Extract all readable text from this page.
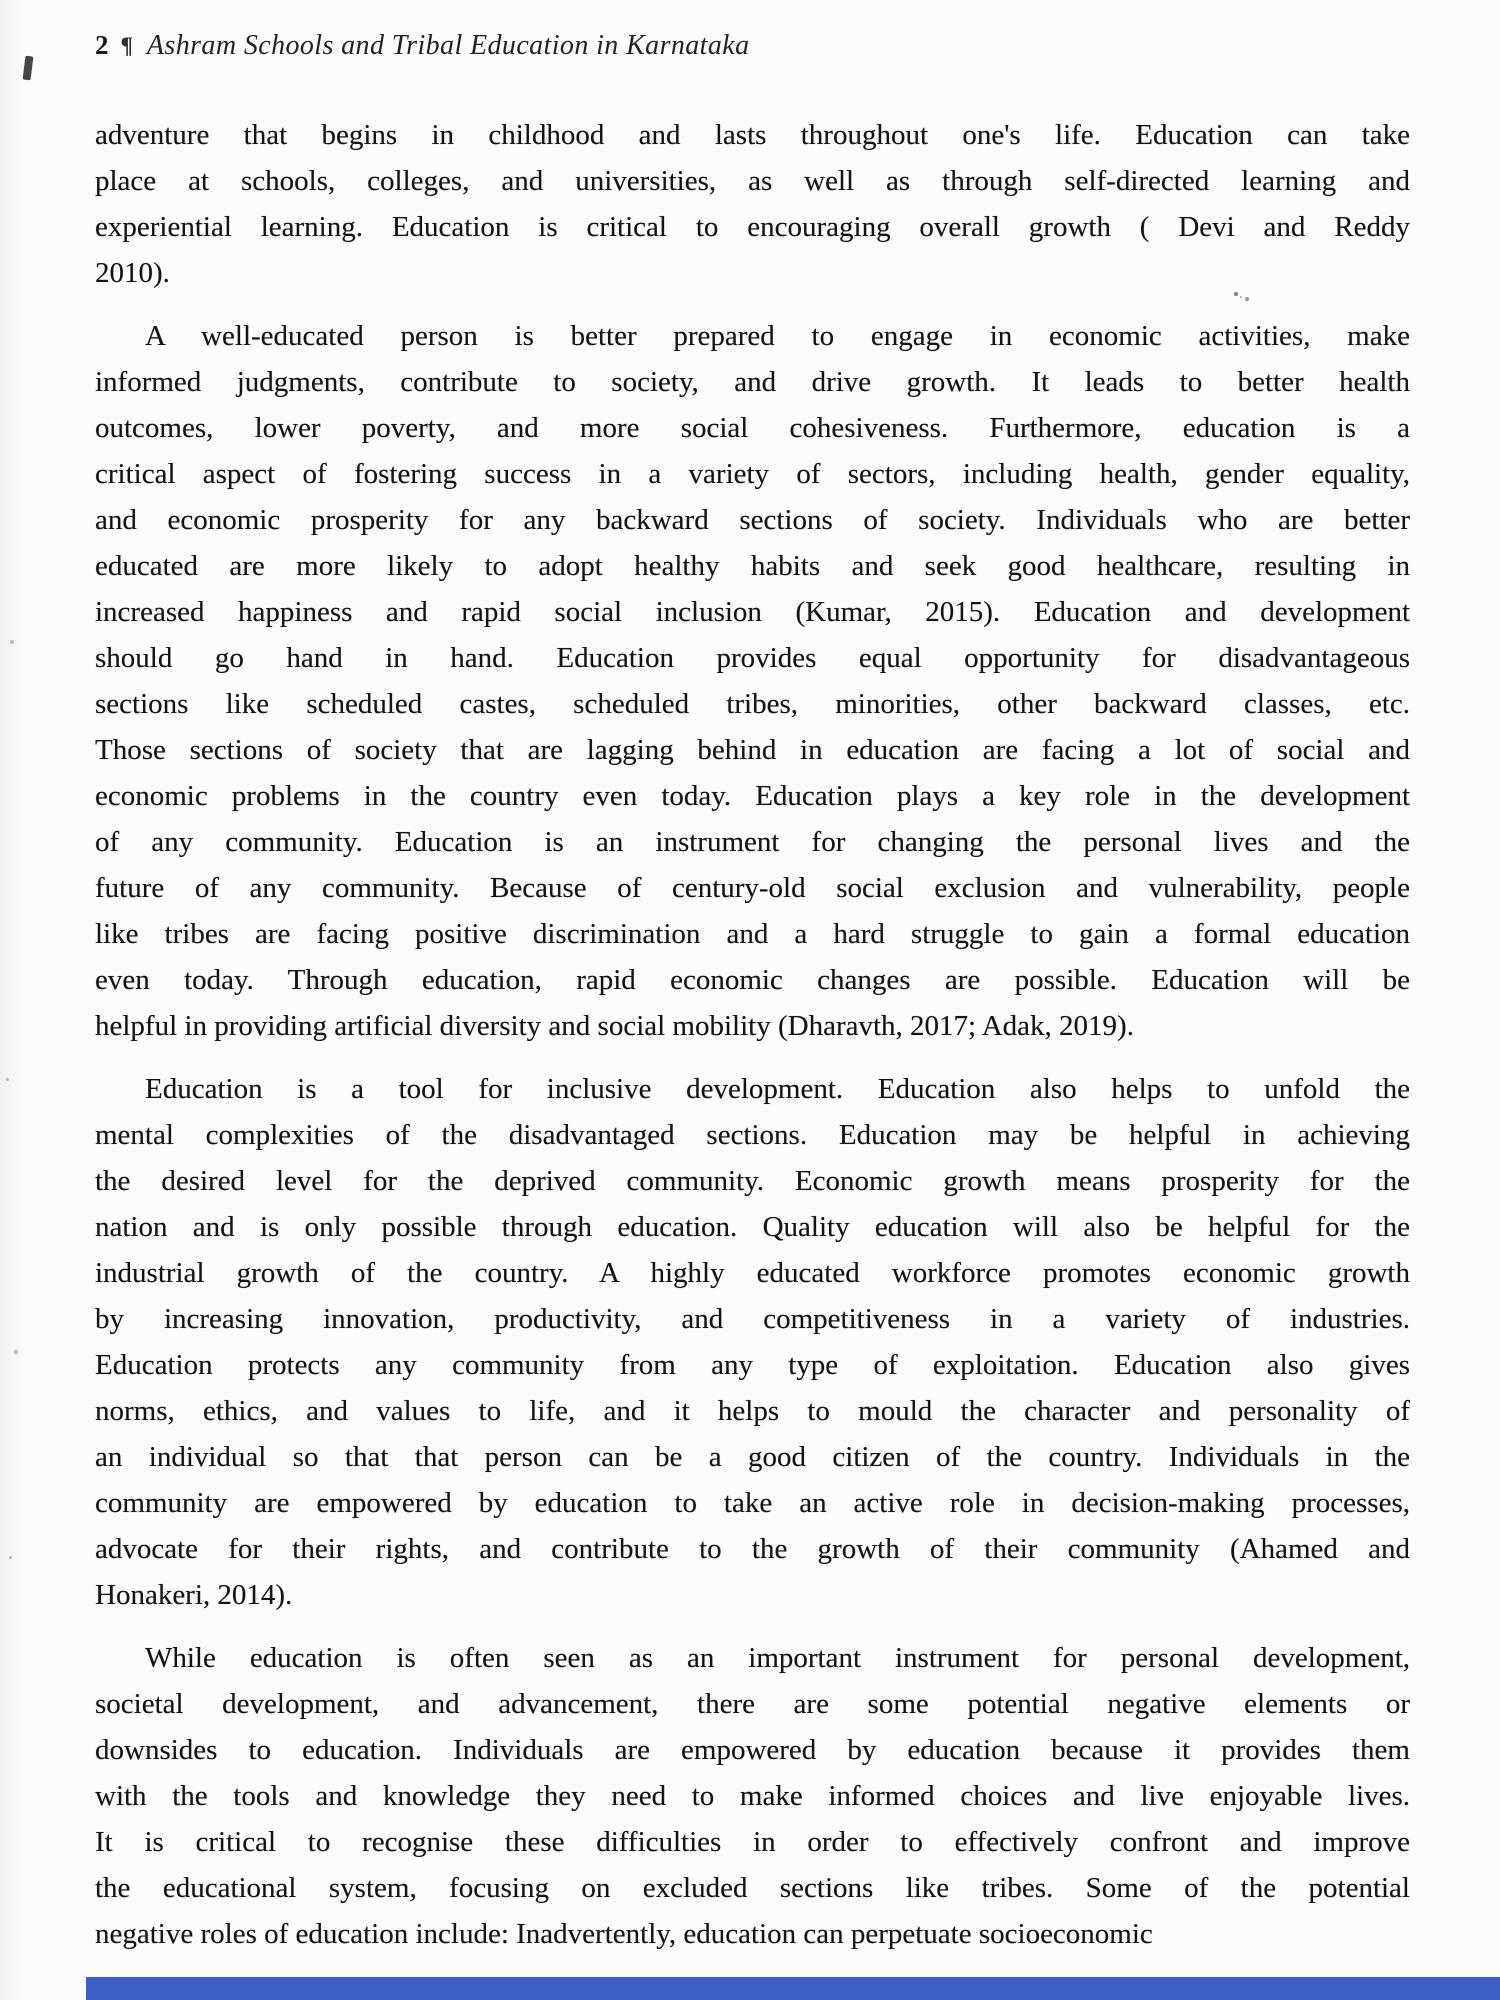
2 ¶ Ashram Schools and Tribal Education in Karnataka
adventure that begins in childhood and lasts throughout one's life. Education can take
place at schools, colleges, and universities, as well as through self-directed learning and
experiential learning. Education is critical to encouraging overall growth ( Devi and Reddy
2010).
A well-educated person is better prepared to engage in economic activities, make
informed judgments, contribute to society, and drive growth. It leads to better health
outcomes, lower poverty, and more social cohesiveness. Furthermore, education is a
critical aspect of fostering success in a variety of sectors, including health, gender equality,
and economic prosperity for any backward sections of society. Individuals who are better
educated are more likely to adopt healthy habits and seek good healthcare, resulting in
increased happiness and rapid social inclusion (Kumar, 2015). Education and development
should go hand in hand. Education provides equal opportunity for disadvantageous
sections like scheduled castes, scheduled tribes, minorities, other backward classes, etc.
Those sections of society that are lagging behind in education are facing a lot of social and
economic problems in the country even today. Education plays a key role in the development
of any community. Education is an instrument for changing the personal lives and the
future of any community. Because of century-old social exclusion and vulnerability, people
like tribes are facing positive discrimination and a hard struggle to gain a formal education
even today. Through education, rapid economic changes are possible. Education will be
helpful in providing artificial diversity and social mobility (Dharavth, 2017; Adak, 2019).
Education is a tool for inclusive development. Education also helps to unfold the
mental complexities of the disadvantaged sections. Education may be helpful in achieving
the desired level for the deprived community. Economic growth means prosperity for the
nation and is only possible through education. Quality education will also be helpful for the
industrial growth of the country. A highly educated workforce promotes economic growth
by increasing innovation, productivity, and competitiveness in a variety of industries.
Education protects any community from any type of exploitation. Education also gives
norms, ethics, and values to life, and it helps to mould the character and personality of
an individual so that that person can be a good citizen of the country. Individuals in the
community are empowered by education to take an active role in decision-making processes,
advocate for their rights, and contribute to the growth of their community (Ahamed and
Honakeri, 2014).
While education is often seen as an important instrument for personal development,
societal development, and advancement, there are some potential negative elements or
downsides to education. Individuals are empowered by education because it provides them
with the tools and knowledge they need to make informed choices and live enjoyable lives.
It is critical to recognise these difficulties in order to effectively confront and improve
the educational system, focusing on excluded sections like tribes. Some of the potential
negative roles of education include: Inadvertently, education can perpetuate socioeconomic
